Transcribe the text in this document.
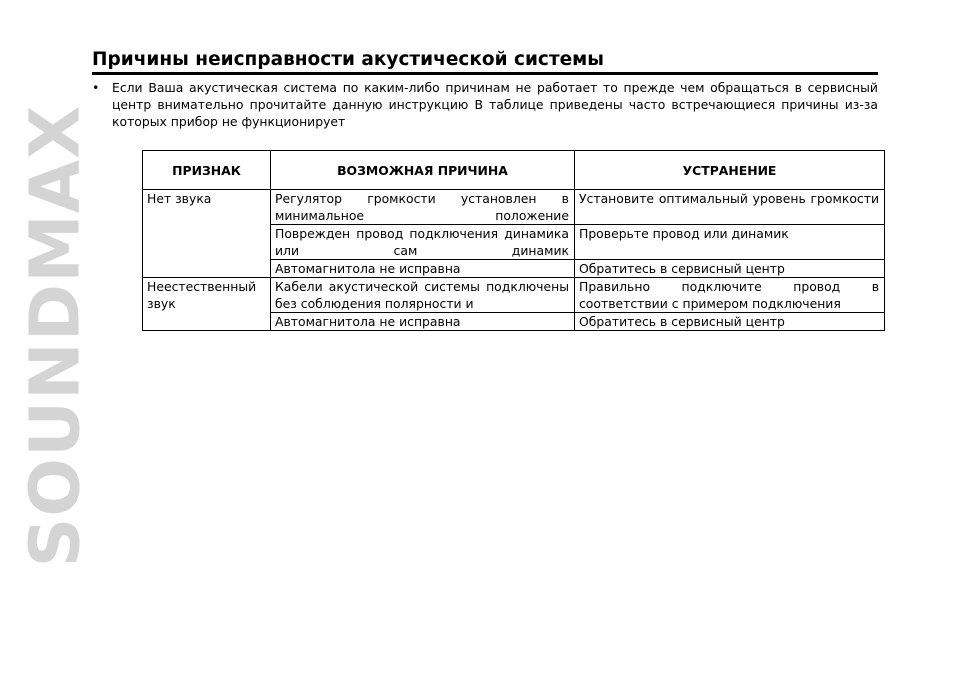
SOUNDMAX
Причины неисправности акустической системы
• Если Ваша акустическая система по каким-либо причинам не работает то прежде чем обращаться в сервисный центр внимательно прочитайте данную инструкцию В таблице приведены часто встречающиеся причины из-за которых прибор не функционирует
ПРИЗНАК	ВОЗМОЖНАЯ ПРИЧИНА	УСТРАНЕНИЕ
Нет звука	Регулятор громкости установлен в минимальное положение	Установите оптимальный уровень громкости
	Поврежден провод подключения динамика или сам динамик	Проверьте провод или динамик
	Автомагнитола не исправна	Обратитесь в сервисный центр
Неестественный звук	Кабели акустической системы подключены без соблюдения полярности и	Правильно подключите провод в соответствии с примером подключения
	Автомагнитола не исправна	Обратитесь в сервисный центр
